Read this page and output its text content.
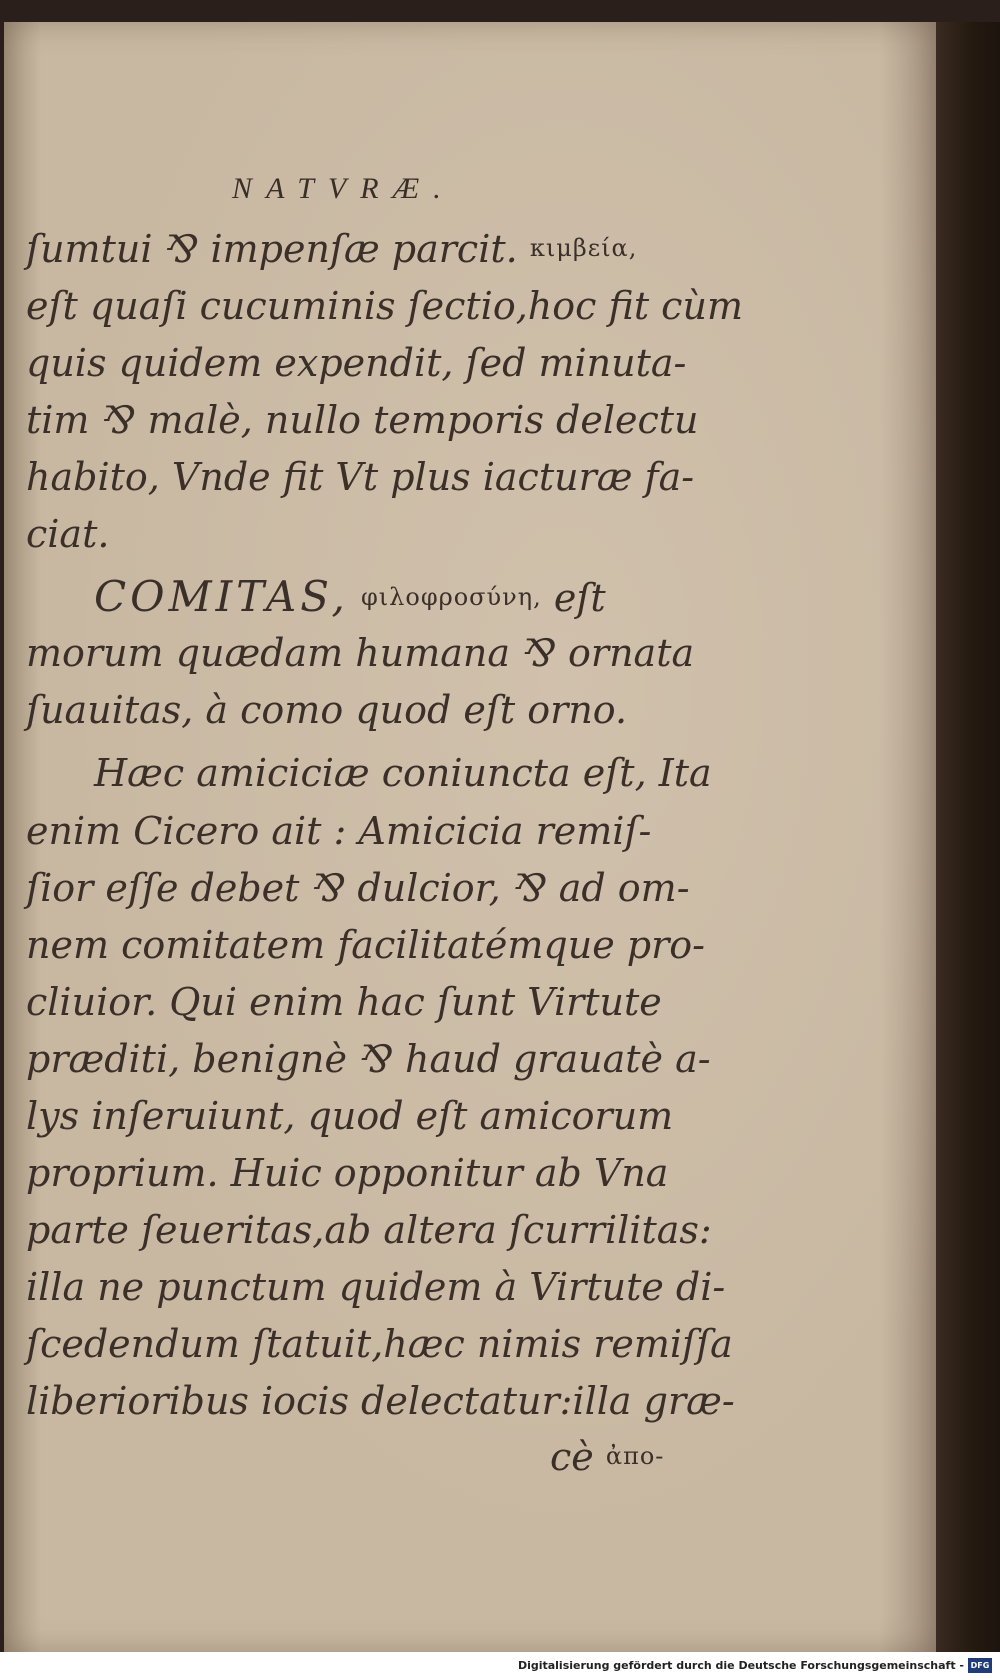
NATVRÆ.
ſumtui ⅋ impenſæ parcit. κιμβεία,
eſt quaſi cucuminis ſectio,hoc fit cùm
quis quidem expendit, ſed minuta-
tim ⅋ malè, nullo temporis delectu
habito, Vnde fit Vt plus iacturæ fa-
ciat.
COMITAS, φιλοφροσύνη, eſt
morum quædam humana ⅋ ornata
ſuauitas, à como quod eſt orno.
Hæc amiciciæ coniuncta eſt, Ita
enim Cicero ait : Amicicia remiſ-
ſior eſſe debet ⅋ dulcior, ⅋ ad om-
nem comitatem facilitatémque pro-
cliuior. Qui enim hac ſunt Virtute
præditi, benignè ⅋ haud grauatè a-
lys inſeruiunt, quod eſt amicorum
proprium. Huic opponitur ab Vna
parte ſeueritas,ab altera ſcurrilitas:
illa ne punctum quidem à Virtute di-
ſcedendum ſtatuit,hæc nimis remiſſa
liberioribus iocis delectatur:illa græ-
cè ἀπο-
Digitalisierung gefördert durch die Deutsche Forschungsgemeinschaft - DFG
